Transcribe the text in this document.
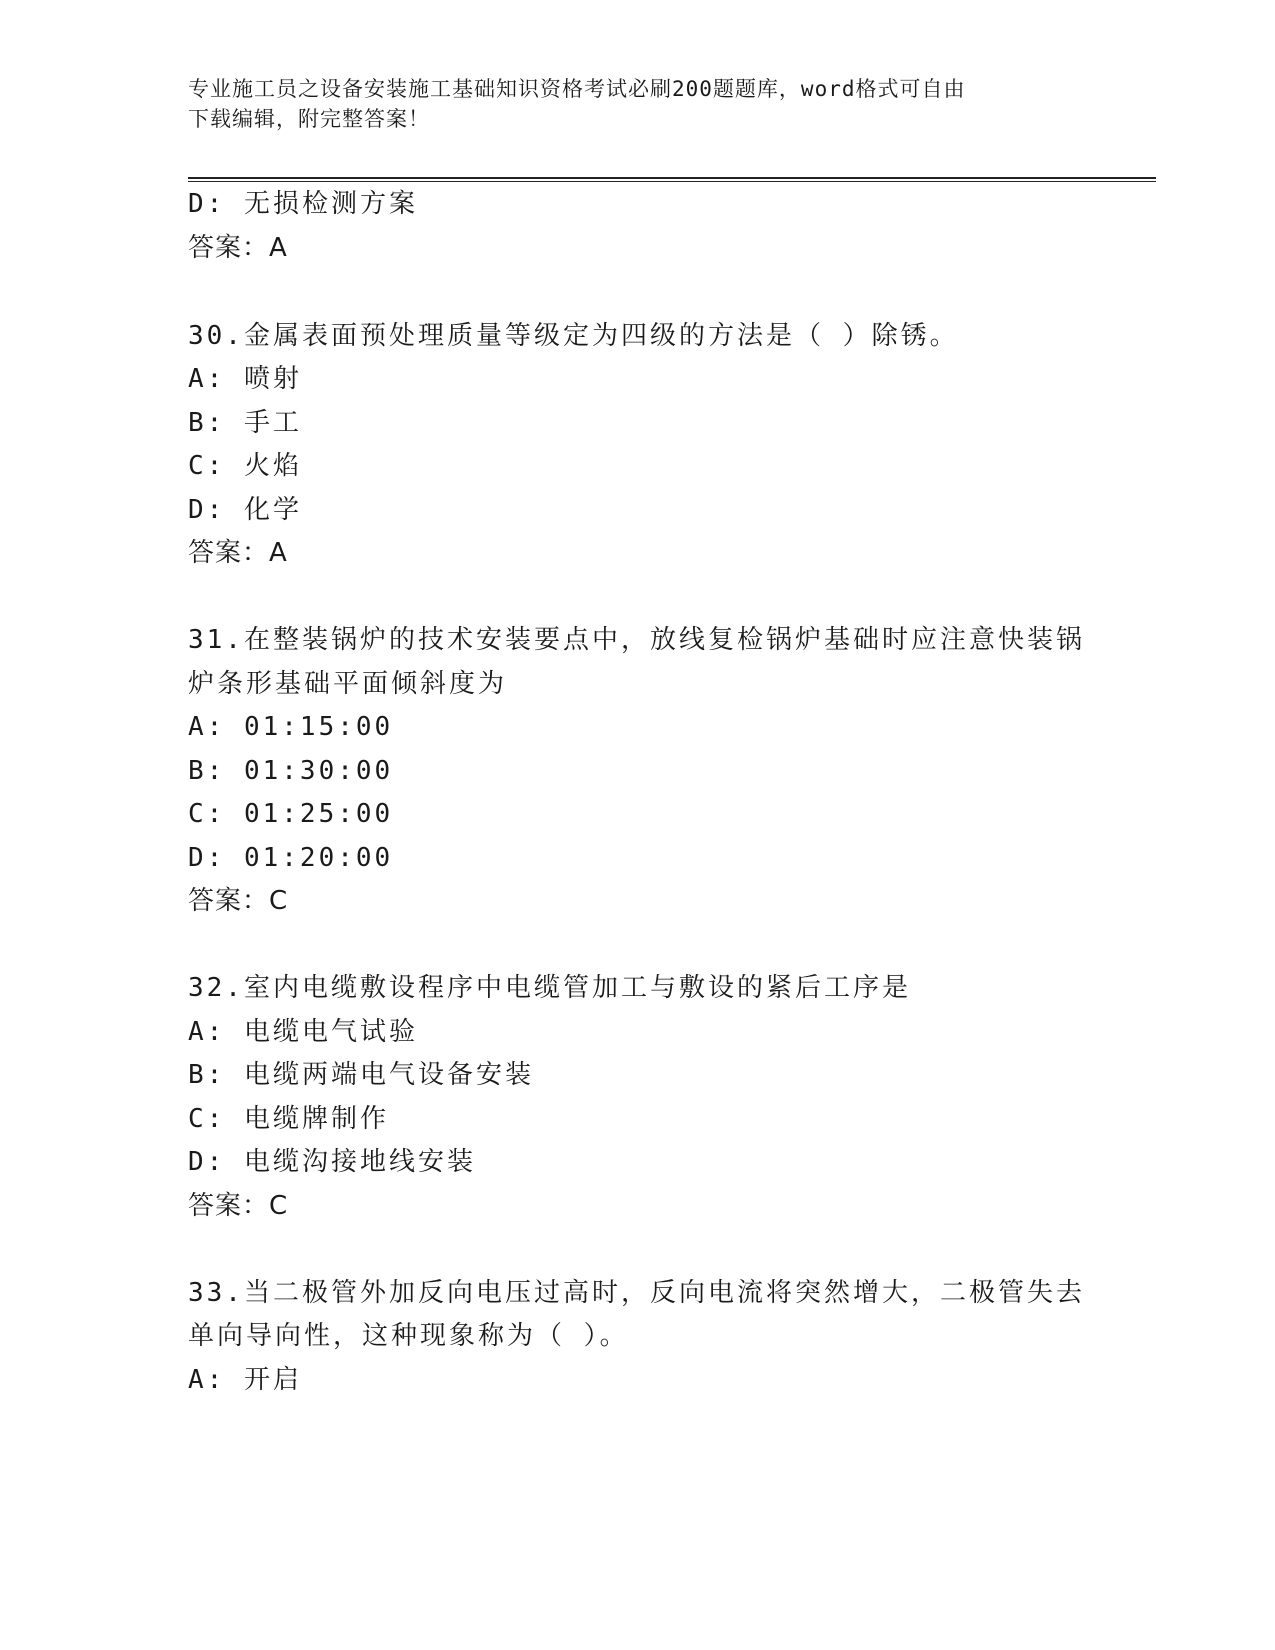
专业施工员之设备安装施工基础知识资格考试必刷200题题库，word格式可自由
下载编辑，附完整答案！
D: 无损检测方案
答案：A
30.金属表面预处理质量等级定为四级的方法是（ ）除锈。
A: 喷射
B: 手工
C: 火焰
D: 化学
答案：A
31.在整装锅炉的技术安装要点中，放线复检锅炉基础时应注意快装锅
炉条形基础平面倾斜度为
A: 01:15:00
B: 01:30:00
C: 01:25:00
D: 01:20:00
答案：C
32.室内电缆敷设程序中电缆管加工与敷设的紧后工序是
A: 电缆电气试验
B: 电缆两端电气设备安装
C: 电缆牌制作
D: 电缆沟接地线安装
答案：C
33.当二极管外加反向电压过高时，反向电流将突然增大，二极管失去
单向导向性，这种现象称为（ ）。
A: 开启
